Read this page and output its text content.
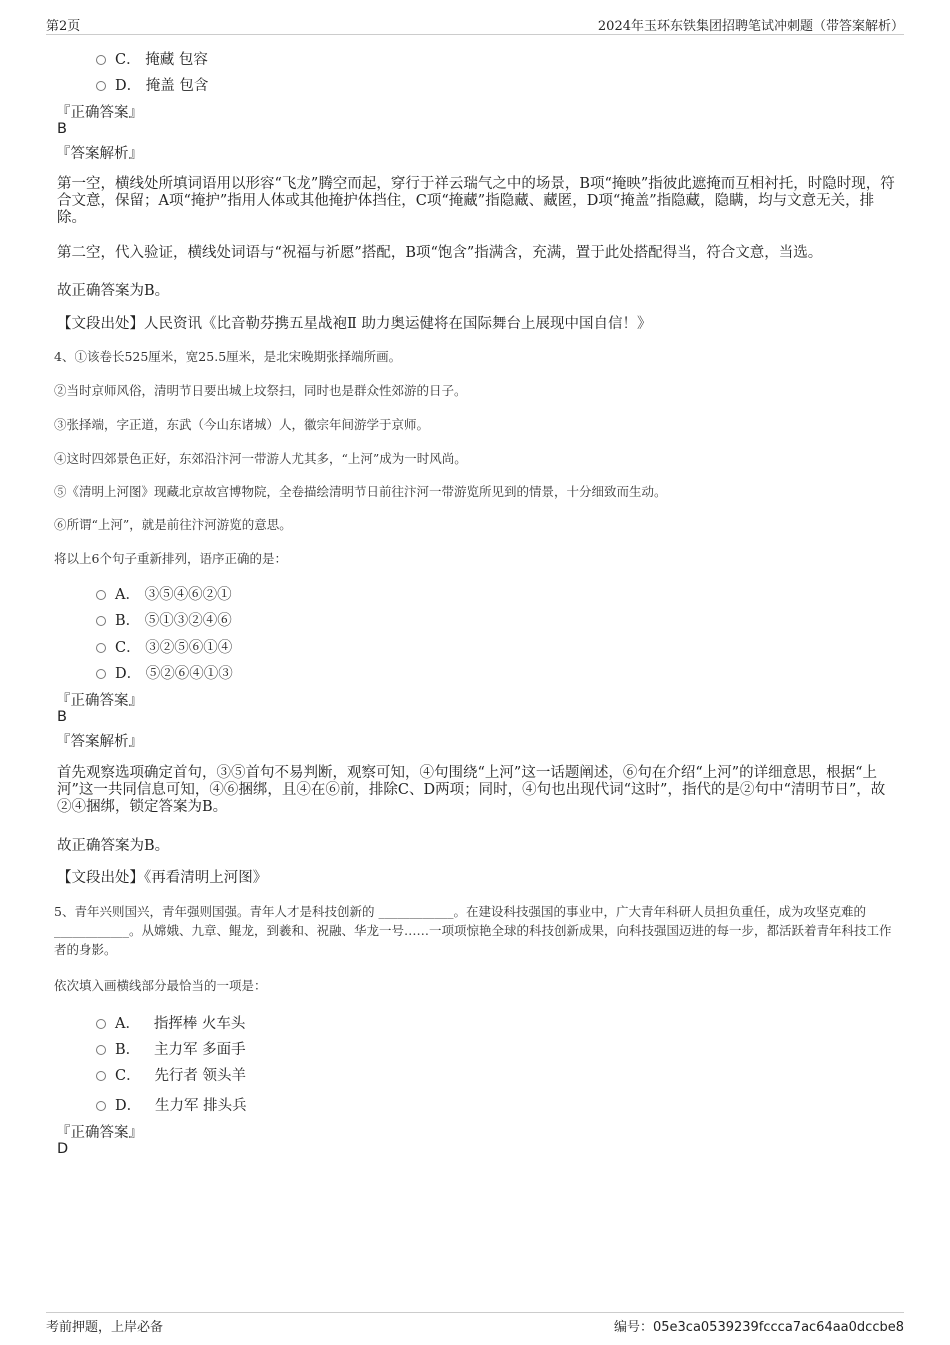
第2页	2024年玉环东铁集团招聘笔试冲刺题（带答案解析）
C． 掩藏 包容
D． 掩盖 包含
『正确答案』
B
『答案解析』
第一空，横线处所填词语用以形容“飞龙”腾空而起，穿行于祥云瑞气之中的场景，B项“掩映”指彼此遮掩而互相衬托，时隐时现，符合文意，保留；A项“掩护”指用人体或其他掩护体挡住，C项“掩藏”指隐藏、藏匿，D项“掩盖”指隐藏，隐瞒，均与文意无关，排除。
第二空，代入验证，横线处词语与“祝福与祈愿”搭配，B项“饱含”指满含，充满，置于此处搭配得当，符合文意，当选。
故正确答案为B。
【文段出处】人民资讯《比音勒芬携五星战袍Ⅱ 助力奥运健将在国际舞台上展现中国自信！》
4、①该卷长525厘米，宽25.5厘米，是北宋晚期张择端所画。
②当时京师风俗，清明节日要出城上坟祭扫，同时也是群众性郊游的日子。
③张择端，字正道，东武（今山东诸城）人，徽宗年间游学于京师。
④这时四郊景色正好，东郊沿汴河一带游人尤其多，“上河”成为一时风尚。
⑤《清明上河图》现藏北京故宫博物院，全卷描绘清明节日前往汴河一带游览所见到的情景，十分细致而生动。
⑥所谓“上河”，就是前往汴河游览的意思。
将以上6个句子重新排列，语序正确的是：
A． ③⑤④⑥②①
B． ⑤①③②④⑥
C． ③②⑤⑥①④
D． ⑤②⑥④①③
『正确答案』
B
『答案解析』
首先观察选项确定首句，③⑤首句不易判断，观察可知，④句围绕“上河”这一话题阐述，⑥句在介绍“上河”的详细意思，根据“上河”这一共同信息可知，④⑥捆绑，且④在⑥前，排除C、D两项；同时，④句也出现代词“这时”，指代的是②句中“清明节日”，故②④捆绑，锁定答案为B。
故正确答案为B。
【文段出处】《再看清明上河图》
5、青年兴则国兴，青年强则国强。青年人才是科技创新的 ____________。在建设科技强国的事业中，广大青年科研人员担负重任，成为攻坚克难的 ____________。从嫦娥、九章、鲲龙，到羲和、祝融、华龙一号……一项项惊艳全球的科技创新成果，向科技强国迈进的每一步，都活跃着青年科技工作者的身影。
依次填入画横线部分最恰当的一项是：
A． 指挥棒 火车头
B． 主力军 多面手
C． 先行者 领头羊
D． 生力军 排头兵
『正确答案』
D
考前押题，上岸必备	编号：05e3ca0539239fccca7ac64aa0dccbe8
